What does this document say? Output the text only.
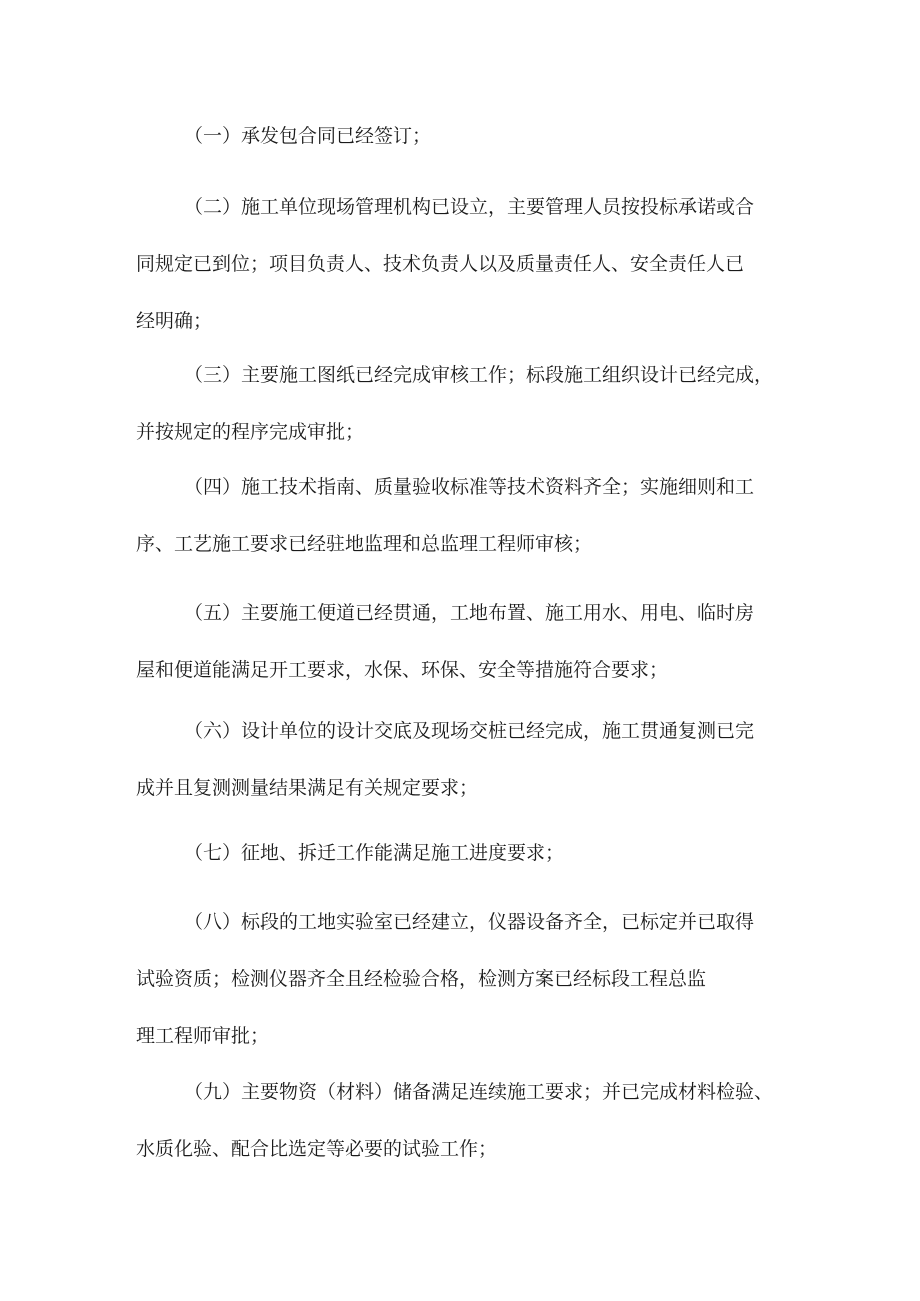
（一）承发包合同已经签订；
（二）施工单位现场管理机构已设立，主要管理人员按投标承诺或合
同规定已到位；项目负责人、技术负责人以及质量责任人、安全责任人已
经明确；
（三）主要施工图纸已经完成审核工作；标段施工组织设计已经完成，
并按规定的程序完成审批；
（四）施工技术指南、质量验收标准等技术资料齐全；实施细则和工
序、工艺施工要求已经驻地监理和总监理工程师审核；
（五）主要施工便道已经贯通，工地布置、施工用水、用电、临时房
屋和便道能满足开工要求，水保、环保、安全等措施符合要求；
（六）设计单位的设计交底及现场交桩已经完成，施工贯通复测已完
成并且复测测量结果满足有关规定要求；
（七）征地、拆迁工作能满足施工进度要求；
（八）标段的工地实验室已经建立，仪器设备齐全，已标定并已取得
试验资质；检测仪器齐全且经检验合格，检测方案已经标段工程总监
理工程师审批；
（九）主要物资（材料）储备满足连续施工要求；并已完成材料检验、
水质化验、配合比选定等必要的试验工作；
